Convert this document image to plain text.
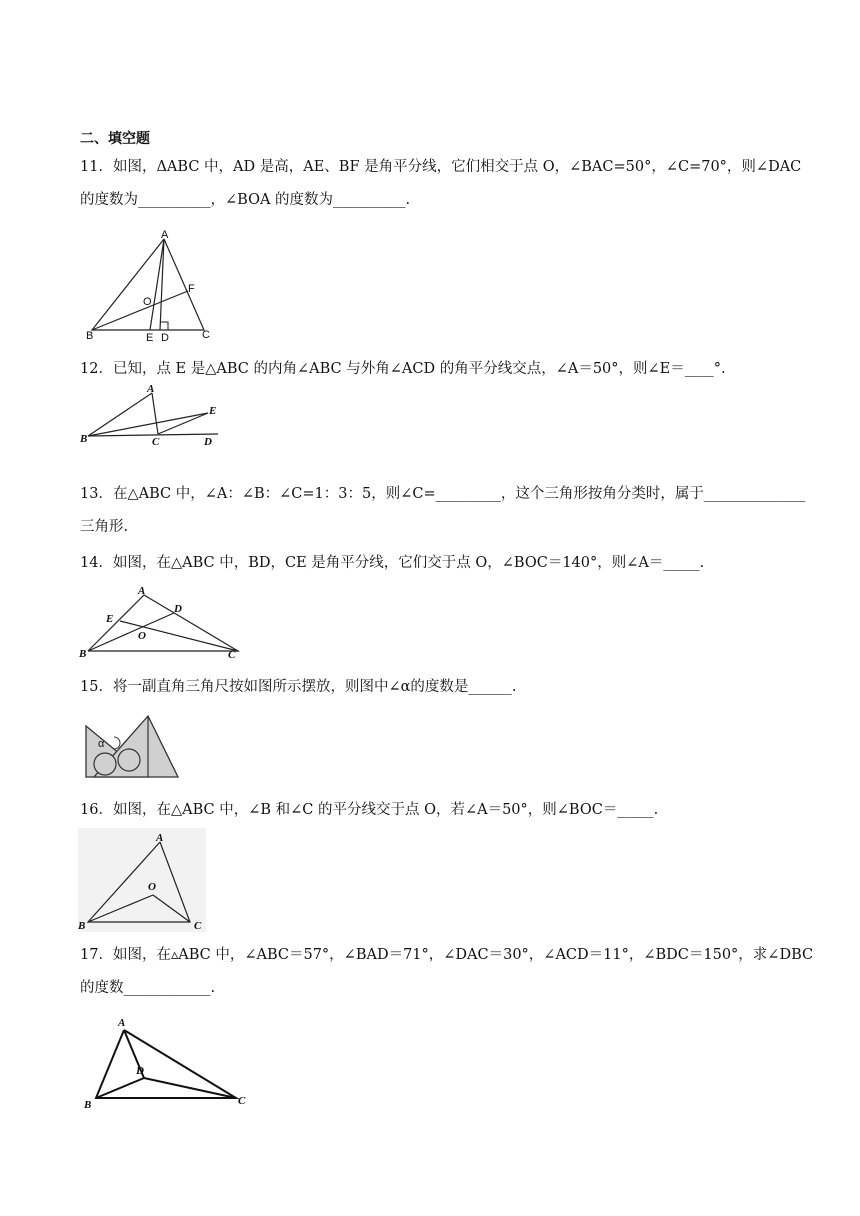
二、填空题
11．如图，ΔABC 中，AD 是高，AE、BF 是角平分线，它们相交于点 O，∠BAC=50°，∠C=70°，则∠DAC
的度数为__________，∠BOA 的度数为__________.
A
O
F
B	E D	C
12．已知，点 E 是△ABC 的内角∠ABC 与外角∠ACD 的角平分线交点，∠A＝50°，则∠E＝____°.
A
E
B	C	D
13．在△ABC 中，∠A：∠B：∠C=1：3：5，则∠C=_________，这个三角形按角分类时，属于______________
三角形.
14．如图，在△ABC 中，BD，CE 是角平分线，它们交于点 O，∠BOC＝140°，则∠A＝_____.
A
D
E
O
B	C
15．将一副直角三角尺按如图所示摆放，则图中∠α的度数是______.
α
16．如图，在△ABC 中，∠B 和∠C 的平分线交于点 O，若∠A＝50°，则∠BOC＝_____.
A
O
B	C
17．如图，在▵ABC 中，∠ABC＝57°，∠BAD＝71°，∠DAC＝30°，∠ACD＝11°，∠BDC＝150°，求∠DBC
的度数____________.
A
D
B	C
